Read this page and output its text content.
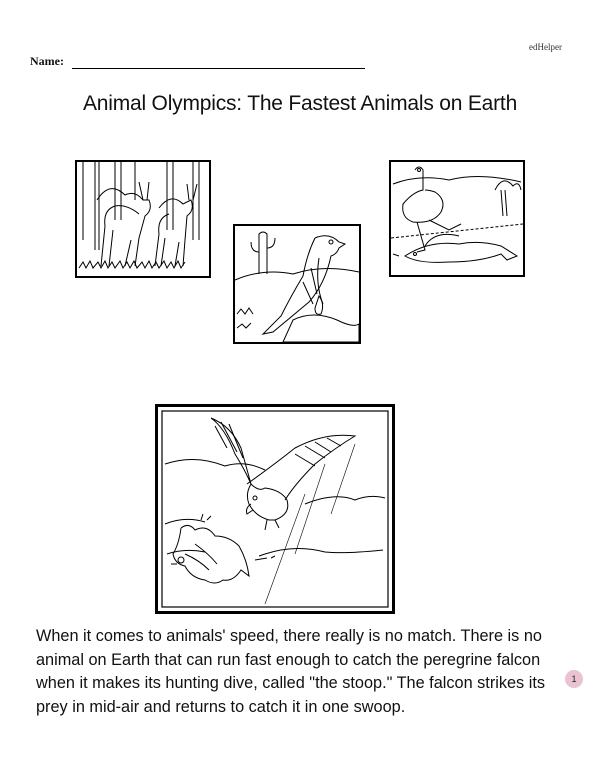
edHelper
Name:
Animal Olympics: The Fastest Animals on Earth

When it comes to animals' speed, there really is no match. There is no animal on Earth that can run fast enough to catch the peregrine falcon when it makes its hunting dive, called "the stoop." The falcon strikes its prey in mid-air and returns to catch it in one swoop.

1
